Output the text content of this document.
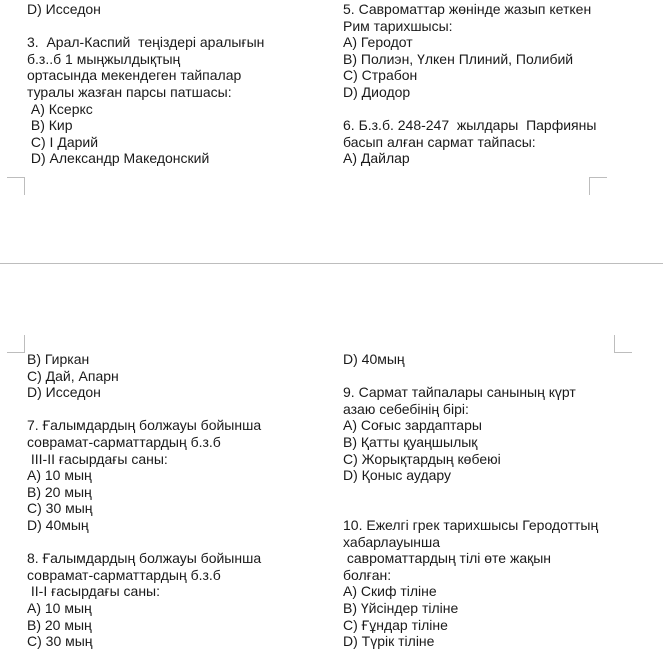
D) Исседон
3.  Арал-Каспий  теңіздері аралығын
б.з..б 1 мыңжылдықтың
ортасында мекендеген тайпалар
туралы жазған парсы патшасы:
А) Ксеркс
В) Кир
С) І Дарий
D) Александр Македонский
5. Савроматтар жөнінде жазып кеткен
Рим тарихшысы:
А) Геродот
В) Полиэн, Үлкен Плиний, Полибий
С) Страбон
D) Диодор
6. Б.з.б. 248-247  жылдары  Парфияны
басып алған сармат тайпасы:
А) Дайлар
В) Гиркан
С) Дай, Апарн
D) Исседон
7. Ғалымдардың болжауы бойынша
соврамат-сарматтардың б.з.б
ІІІ-ІІ ғасырдағы саны:
А) 10 мың
В) 20 мың
С) 30 мың
D) 40мың
8. Ғалымдардың болжауы бойынша
соврамат-сарматтардың б.з.б
ІІ-І ғасырдағы саны:
А) 10 мың
В) 20 мың
С) 30 мың
D) 40мың
9. Сармат тайпалары санының күрт
азаю себебінің бірі:
А) Соғыс зардаптары
В) Қатты қуаңшылық
С) Жорықтардың көбеюі
D) Қоныс аудару
10. Ежелгі грек тарихшысы Геродоттың
хабарлауынша
савроматтардың тілі өте жақын
болған:
А) Скиф тіліне
В) Үйсіндер тіліне
С) Ғұндар тіліне
D) Түрік тіліне
